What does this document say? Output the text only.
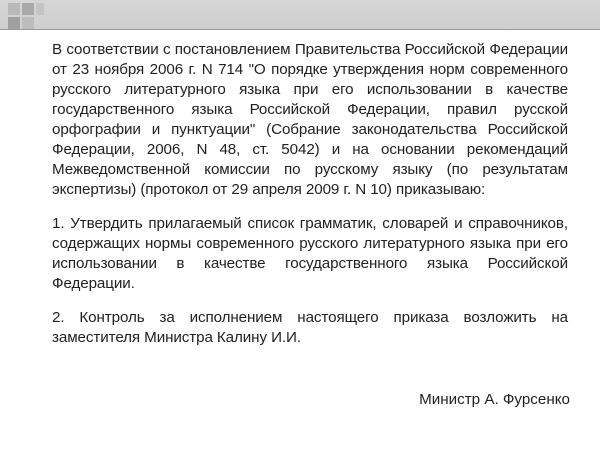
В соответствии с постановлением Правительства Российской Федерации от 23 ноября 2006 г. N 714 "О порядке утверждения норм современного русского литературного языка при его использовании в качестве государственного языка Российской Федерации, правил русской орфографии и пунктуации" (Собрание законодательства Российской Федерации, 2006, N 48, ст. 5042) и на основании рекомендаций Межведомственной комиссии по русскому языку (по результатам экспертизы) (протокол от 29 апреля 2009 г. N 10) приказываю:

1. Утвердить прилагаемый список грамматик, словарей и справочников, содержащих нормы современного русского литературного языка при его использовании в качестве государственного языка Российской Федерации.

2. Контроль за исполнением настоящего приказа возложить на заместителя Министра Калину И.И.

Министр А. Фурсенко
